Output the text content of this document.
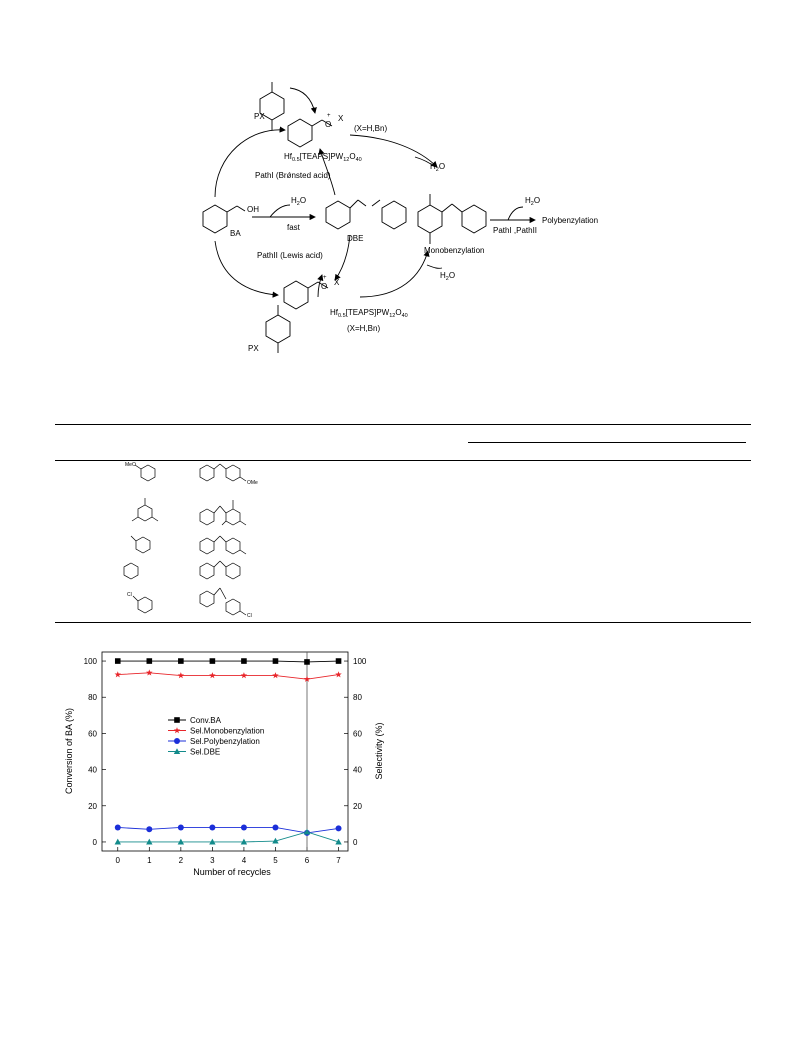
PX
O
+ X
(X=H,Bn)
$Hf_{0.5}[TEAPS]PW_{12}O_{40}$
$H_2O$
PathI (Brǿnsted acid)
$H_2O$
OH
BA
fast
DBE
$H_2O$
Polybenzylation
PathI ,PathII
Monobenzylation
PathII (Lewis acid)
$H_2O$
O
+ X
$Hf_{0.5}[TEAPS]PW_{12}O_{40}$
(X=H,Bn)
PX
MeO
OMe
Cl
Cl
0	0
20	20
40	40
60	60
80	80
100	100
0	1	2	3	4	5	6	7
Conv.BA
Sel.Monobenzylation
Sel.Polybenzylation
Sel.DBE
Number of recycles
Conversion of BA (%)	Selectivity (%)
